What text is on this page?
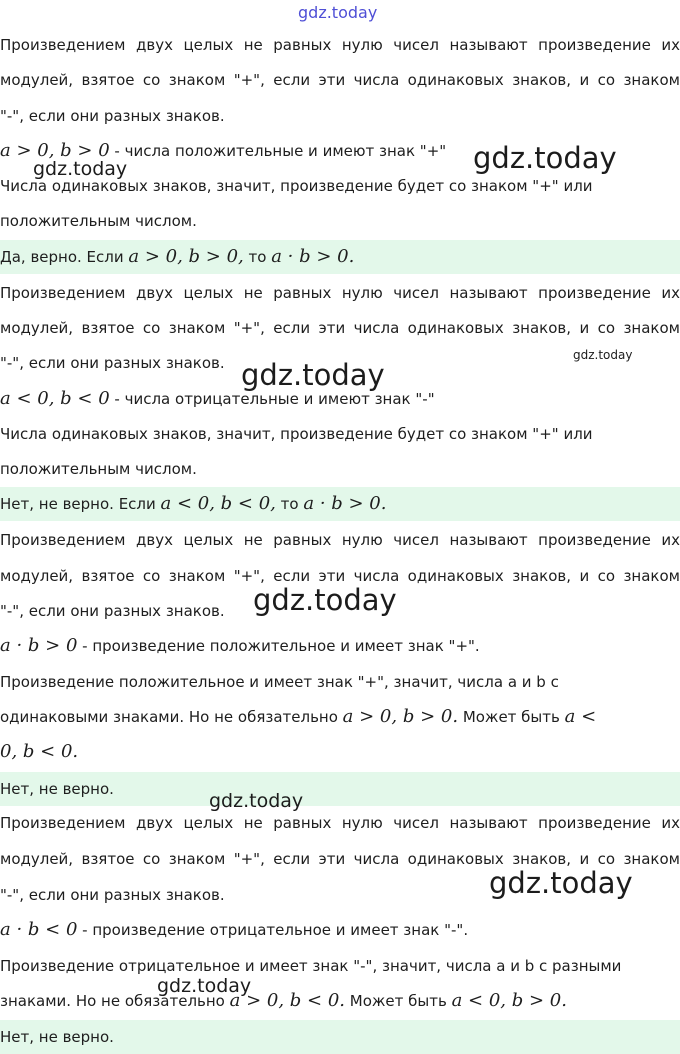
Произведением двух целых не равных нулю чисел называют произведение их
модулей, взятое со знаком "+", если эти числа одинаковых знаков, и со знаком
"-", если они разных знаков.
a > 0, b > 0 - числа положительные и имеют знак "+"
Числа одинаковых знаков, значит, произведение будет со знаком "+" или
положительным числом.
Да, верно. Если a > 0, b > 0, то a · b > 0.
Произведением двух целых не равных нулю чисел называют произведение их
модулей, взятое со знаком "+", если эти числа одинаковых знаков, и со знаком
"-", если они разных знаков.
a < 0, b < 0 - числа отрицательные и имеют знак "-"
Числа одинаковых знаков, значит, произведение будет со знаком "+" или
положительным числом.
Нет, не верно. Если a < 0, b < 0, то a · b > 0.
Произведением двух целых не равных нулю чисел называют произведение их
модулей, взятое со знаком "+", если эти числа одинаковых знаков, и со знаком
"-", если они разных знаков.
a · b > 0 - произведение положительное и имеет знак "+".
Произведение положительное и имеет знак "+", значит, числа а и b с
одинаковыми знаками. Но не обязательно a > 0, b > 0. Может быть a <
0, b < 0.
Нет, не верно.
Произведением двух целых не равных нулю чисел называют произведение их
модулей, взятое со знаком "+", если эти числа одинаковых знаков, и со знаком
"-", если они разных знаков.
a · b < 0 - произведение отрицательное и имеет знак "-".
Произведение отрицательное и имеет знак "-", значит, числа а и b с разными
знаками. Но не обязательно a > 0, b < 0. Может быть a < 0, b > 0.
Нет, не верно.
gdz.today
gdz.today	gdz.today
gdz.today
gdz.today
gdz.today
gdz.today
gdz.today
gdz.today
